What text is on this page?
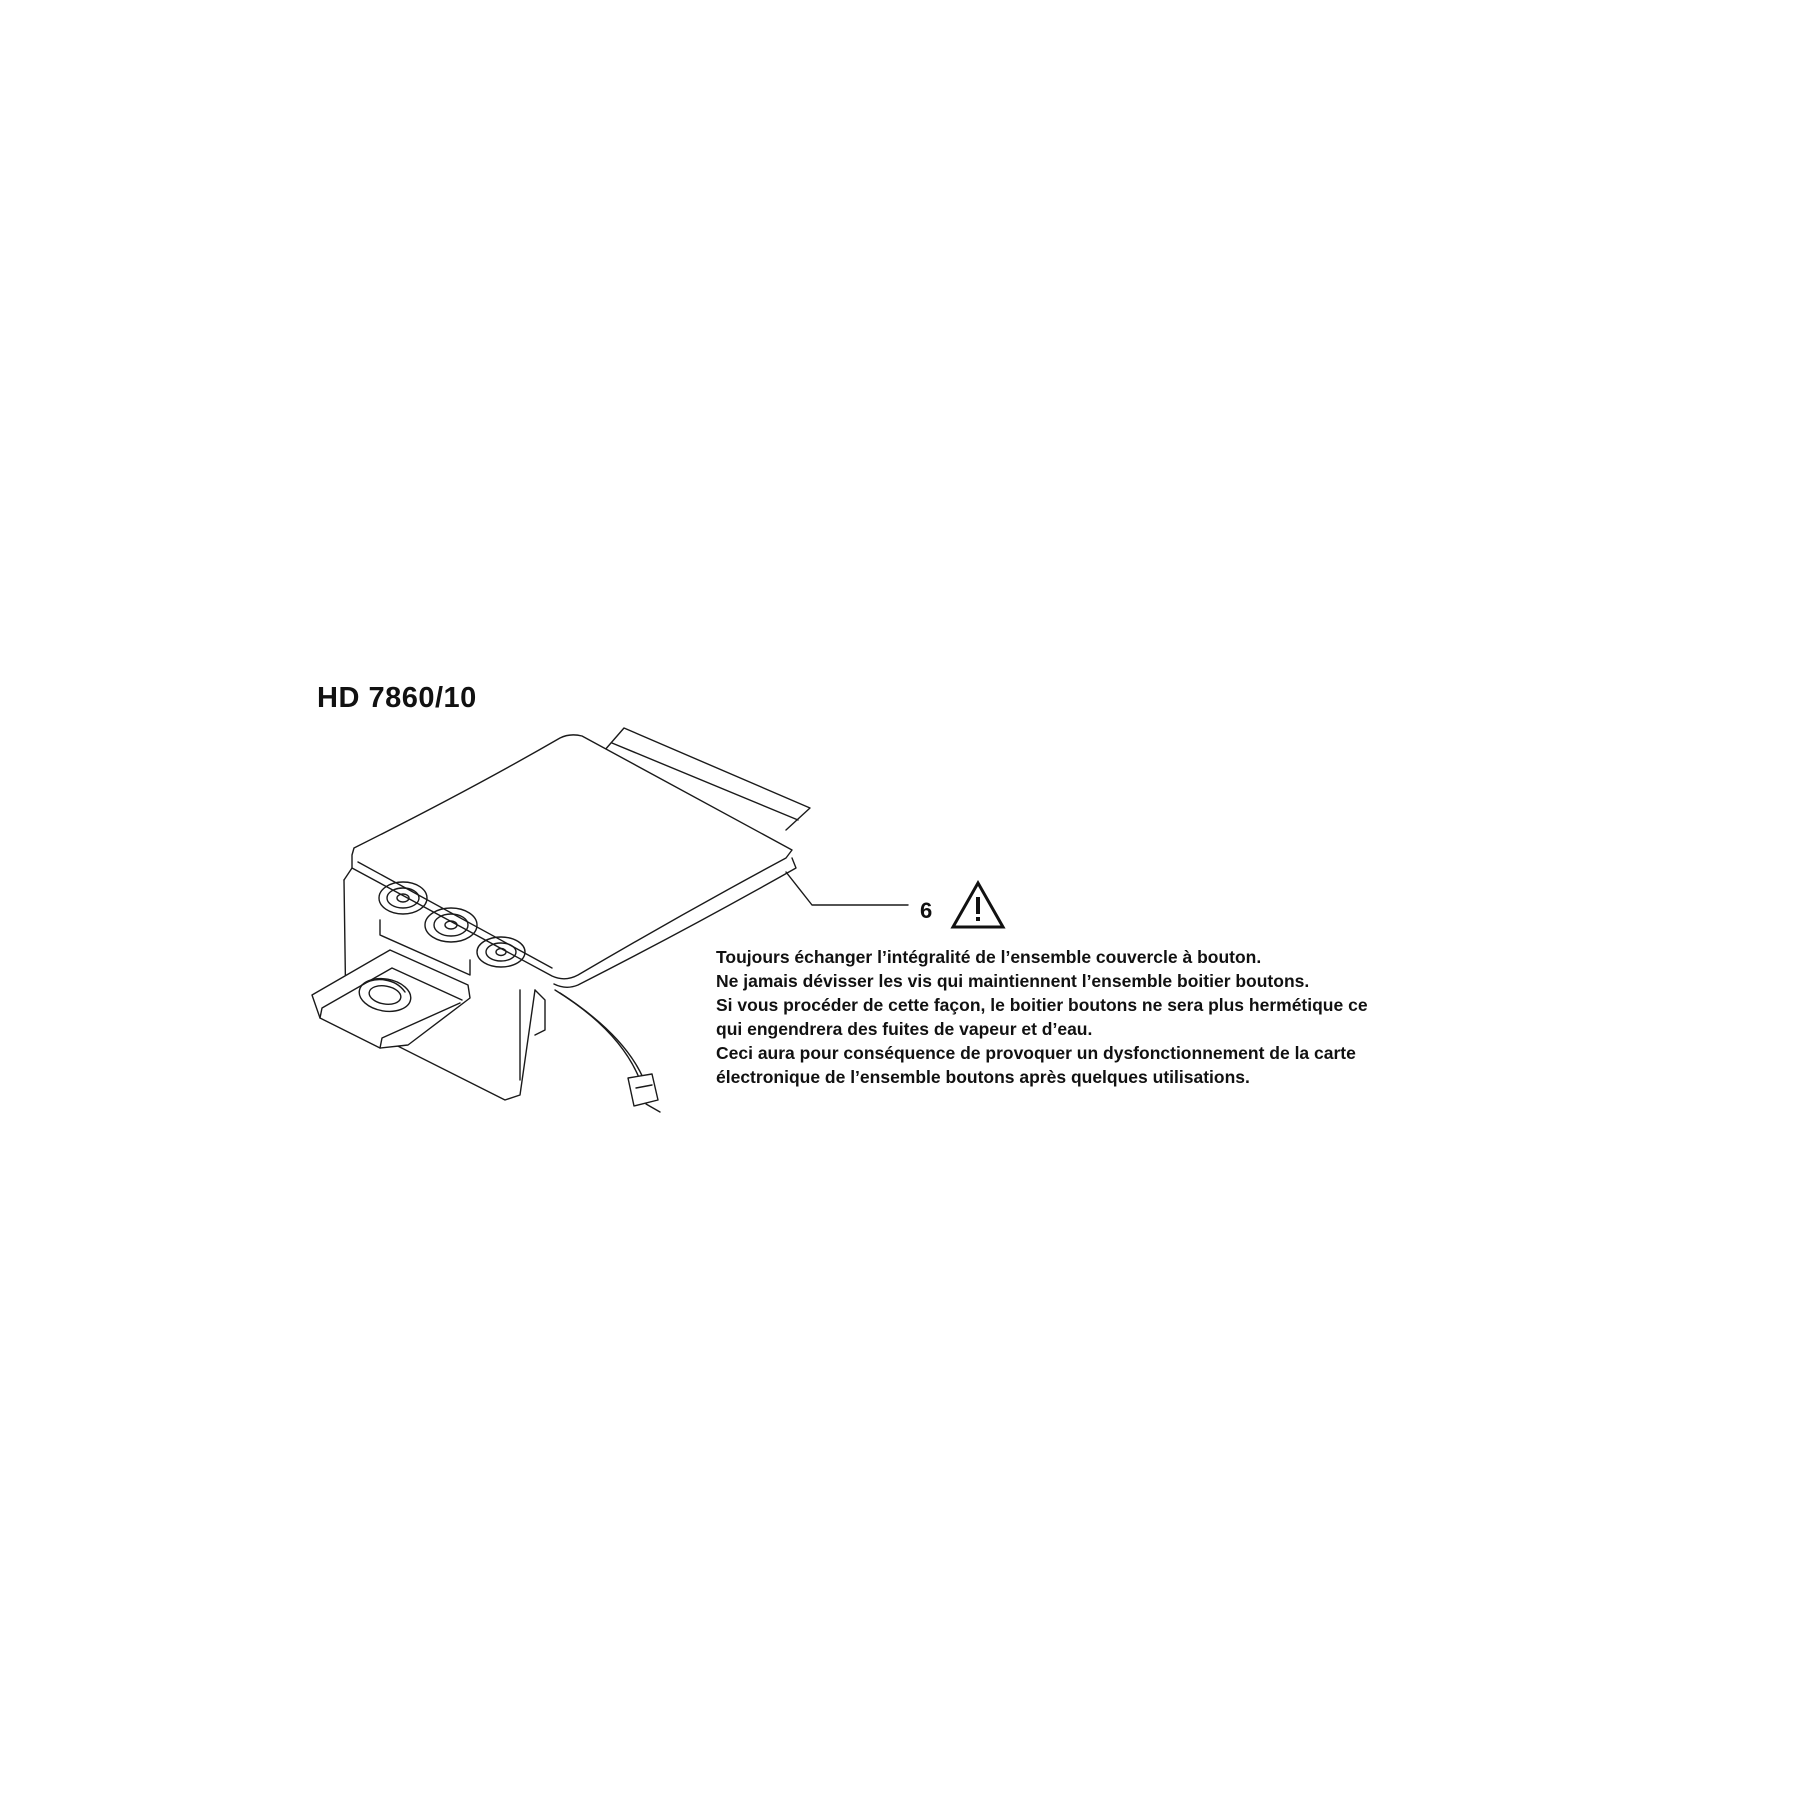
HD 7860/10
6
Toujours échanger l’intégralité de l’ensemble couvercle à bouton.
Ne jamais dévisser les vis qui maintiennent l’ensemble boitier boutons.
Si vous procéder de cette façon, le boitier boutons ne sera plus hermétique ce
qui engendrera des fuites de vapeur et d’eau.
Ceci aura pour conséquence de provoquer un dysfonctionnement de la carte
électronique de l’ensemble boutons après quelques utilisations.
